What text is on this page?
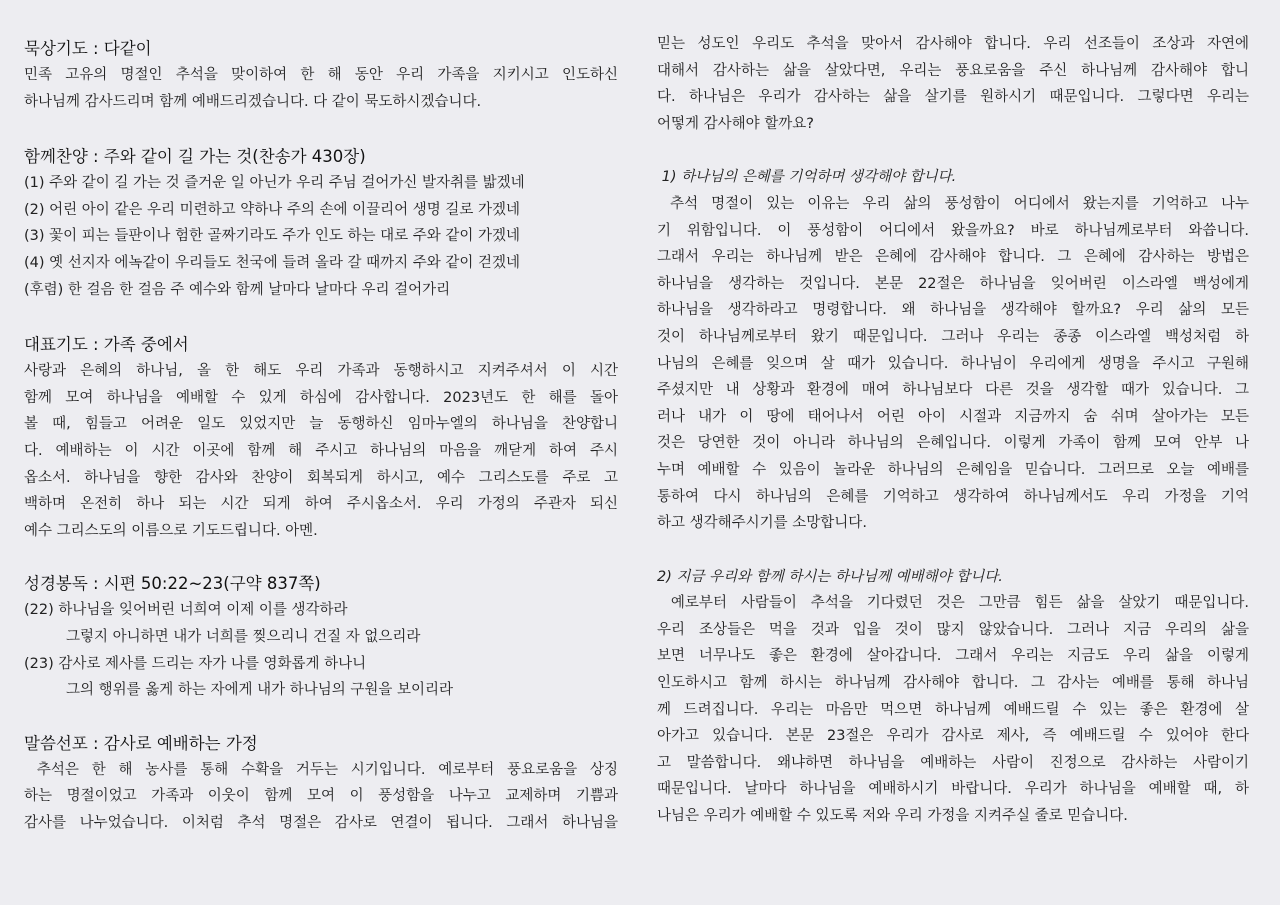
묵상기도 : 다같이
민족 고유의 명절인 추석을 맞이하여 한 해 동안 우리 가족을 지키시고 인도하신
하나님께 감사드리며 함께 예배드리겠습니다. 다 같이 묵도하시겠습니다.
함께찬양 : 주와 같이 길 가는 것(찬송가 430장)
(1) 주와 같이 길 가는 것 즐거운 일 아닌가 우리 주님 걸어가신 발자취를 밟겠네
(2) 어린 아이 같은 우리 미련하고 약하나 주의 손에 이끌리어 생명 길로 가겠네
(3) 꽃이 피는 들판이나 험한 골짜기라도 주가 인도 하는 대로 주와 같이 가겠네
(4) 옛 선지자 에녹같이 우리들도 천국에 들려 올라 갈 때까지 주와 같이 걷겠네
(후렴) 한 걸음 한 걸음 주 예수와 함께 날마다 날마다 우리 걸어가리
대표기도 : 가족 중에서
사랑과 은혜의 하나님, 올 한 해도 우리 가족과 동행하시고 지켜주셔서 이 시간
함께 모여 하나님을 예배할 수 있게 하심에 감사합니다. 2023년도 한 해를 돌아
볼 때, 힘들고 어려운 일도 있었지만 늘 동행하신 임마누엘의 하나님을 찬양합니
다. 예배하는 이 시간 이곳에 함께 해 주시고 하나님의 마음을 깨닫게 하여 주시
옵소서. 하나님을 향한 감사와 찬양이 회복되게 하시고, 예수 그리스도를 주로 고
백하며 온전히 하나 되는 시간 되게 하여 주시옵소서. 우리 가정의 주관자 되신
예수 그리스도의 이름으로 기도드립니다. 아멘.
성경봉독 : 시편 50:22~23(구약 837쪽)
(22) 하나님을 잊어버린 너희여 이제 이를 생각하라
그렇지 아니하면 내가 너희를 찢으리니 건질 자 없으리라
(23) 감사로 제사를 드리는 자가 나를 영화롭게 하나니
그의 행위를 옳게 하는 자에게 내가 하나님의 구원을 보이리라
말씀선포 : 감사로 예배하는 가정
추석은 한 해 농사를 통해 수확을 거두는 시기입니다. 예로부터 풍요로움을 상징
하는 명절이었고 가족과 이웃이 함께 모여 이 풍성함을 나누고 교제하며 기쁨과
감사를 나누었습니다. 이처럼 추석 명절은 감사로 연결이 됩니다. 그래서 하나님을
믿는 성도인 우리도 추석을 맞아서 감사해야 합니다. 우리 선조들이 조상과 자연에
대해서 감사하는 삶을 살았다면, 우리는 풍요로움을 주신 하나님께 감사해야 합니
다. 하나님은 우리가 감사하는 삶을 살기를 원하시기 때문입니다. 그렇다면 우리는
어떻게 감사해야 할까요?
1) 하나님의 은혜를 기억하며 생각해야 합니다.
추석 명절이 있는 이유는 우리 삶의 풍성함이 어디에서 왔는지를 기억하고 나누
기 위함입니다. 이 풍성함이 어디에서 왔을까요? 바로 하나님께로부터 와씁니다.
그래서 우리는 하나님께 받은 은혜에 감사해야 합니다. 그 은혜에 감사하는 방법은
하나님을 생각하는 것입니다. 본문 22절은 하나님을 잊어버린 이스라엘 백성에게
하나님을 생각하라고 명령합니다. 왜 하나님을 생각해야 할까요? 우리 삶의 모든
것이 하나님께로부터 왔기 때문입니다. 그러나 우리는 종종 이스라엘 백성처럼 하
나님의 은혜를 잊으며 살 때가 있습니다. 하나님이 우리에게 생명을 주시고 구원해
주셨지만 내 상황과 환경에 매여 하나님보다 다른 것을 생각할 때가 있습니다. 그
러나 내가 이 땅에 태어나서 어린 아이 시절과 지금까지 숨 쉬며 살아가는 모든
것은 당연한 것이 아니라 하나님의 은혜입니다. 이렇게 가족이 함께 모여 안부 나
누며 예배할 수 있음이 놀라운 하나님의 은혜임을 믿습니다. 그러므로 오늘 예배를
통하여 다시 하나님의 은혜를 기억하고 생각하여 하나님께서도 우리 가정을 기억
하고 생각해주시기를 소망합니다.
2) 지금 우리와 함께 하시는 하나님께 예배해야 합니다.
예로부터 사람들이 추석을 기다렸던 것은 그만큼 힘든 삶을 살았기 때문입니다.
우리 조상들은 먹을 것과 입을 것이 많지 않았습니다. 그러나 지금 우리의 삶을
보면 너무나도 좋은 환경에 살아갑니다. 그래서 우리는 지금도 우리 삶을 이렇게
인도하시고 함께 하시는 하나님께 감사해야 합니다. 그 감사는 예배를 통해 하나님
께 드려집니다. 우리는 마음만 먹으면 하나님께 예배드릴 수 있는 좋은 환경에 살
아가고 있습니다. 본문 23절은 우리가 감사로 제사, 즉 예배드릴 수 있어야 한다
고 말씀합니다. 왜냐하면 하나님을 예배하는 사람이 진정으로 감사하는 사람이기
때문입니다. 날마다 하나님을 예배하시기 바랍니다. 우리가 하나님을 예배할 때, 하
나님은 우리가 예배할 수 있도록 저와 우리 가정을 지켜주실 줄로 믿습니다.
